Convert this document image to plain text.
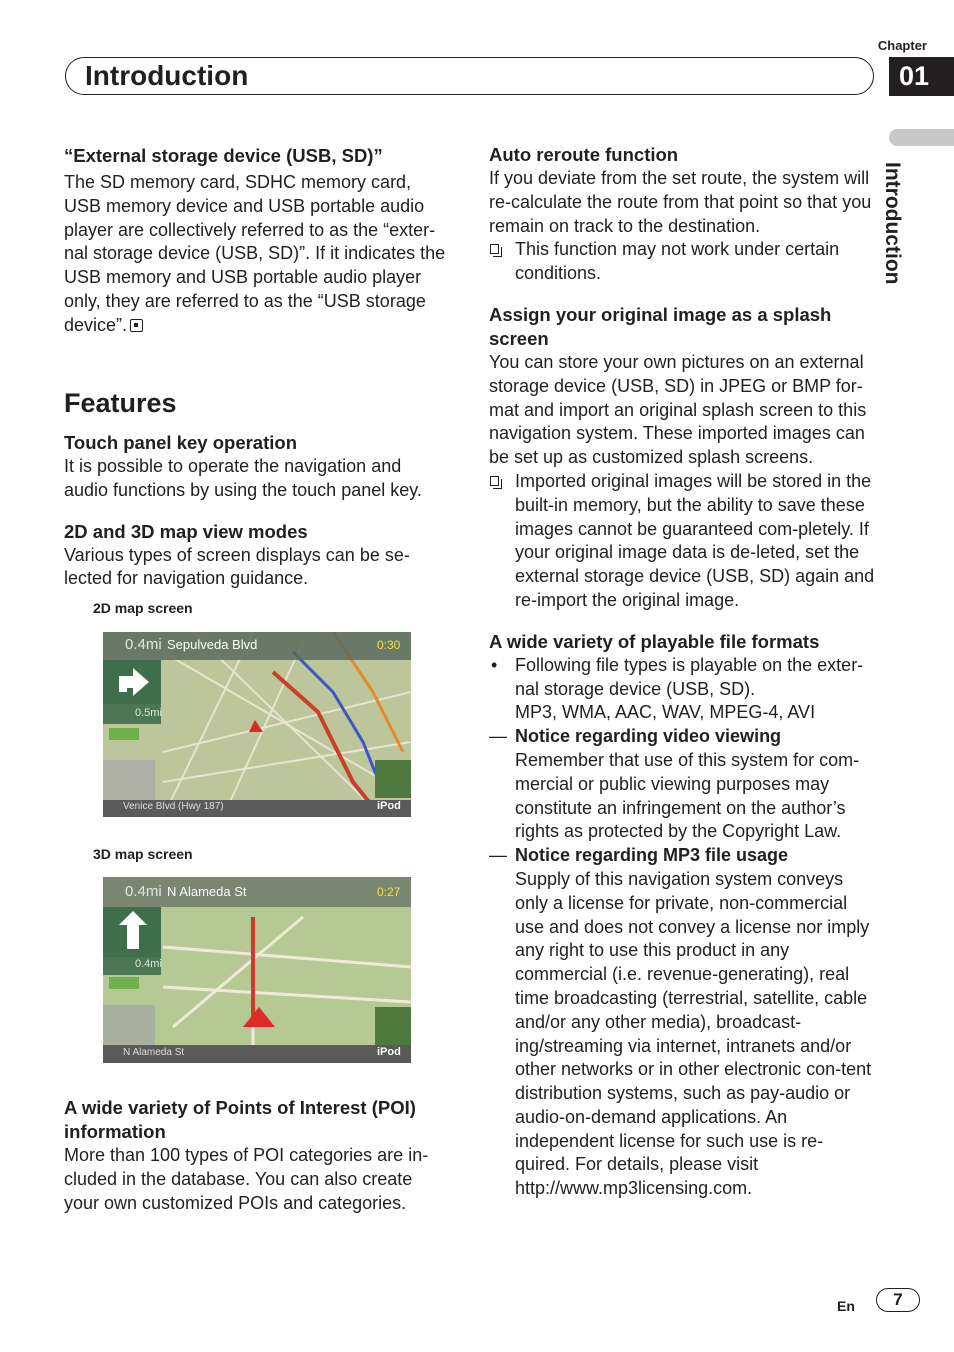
Chapter
Introduction	01
Introduction

“External storage device (USB, SD)”

The SD memory card, SDHC memory card, USB memory device and USB portable audio player are collectively referred to as the “exter-nal storage device (USB, SD)”. If it indicates the USB memory and USB portable audio player only, they are referred to as the “USB storage device”.

Features

Touch panel key operation

It is possible to operate the navigation and audio functions by using the touch panel key.

2D and 3D map view modes

Various types of screen displays can be se-lected for navigation guidance.

2D map screen
0.4mi Sepulveda Blvd	0:30
0.5mi
Venice Blvd (Hwy 187)	iPod
3D map screen
0.4mi N Alameda St	0:27
0.4mi
N Alameda St	iPod

A wide variety of Points of Interest (POI) information

More than 100 types of POI categories are in-cluded in the database. You can also create your own customized POIs and categories.

Auto reroute function

If you deviate from the set route, the system will re-calculate the route from that point so that you remain on track to the destination.

This function may not work under certain conditions.

Assign your original image as a splash screen

You can store your own pictures on an external storage device (USB, SD) in JPEG or BMP for-mat and import an original splash screen to this navigation system. These imported images can be set up as customized splash screens.

Imported original images will be stored in the built-in memory, but the ability to save these images cannot be guaranteed com-pletely. If your original image data is de-leted, set the external storage device (USB, SD) again and re-import the original image.

A wide variety of playable file formats

• Following file types is playable on the exter-nal storage device (USB, SD).
MP3, WMA, AAC, WAV, MPEG-4, AVI
— Notice regarding video viewing
Remember that use of this system for com-mercial or public viewing purposes may constitute an infringement on the author’s rights as protected by the Copyright Law.
— Notice regarding MP3 file usage
Supply of this navigation system conveys only a license for private, non-commercial use and does not convey a license nor imply any right to use this product in any commercial (i.e. revenue-generating), real time broadcasting (terrestrial, satellite, cable and/or any other media), broadcast-ing/streaming via internet, intranets and/or other networks or in other electronic con-tent distribution systems, such as pay-audio or audio-on-demand applications. An independent license for such use is re-quired. For details, please visit http://www.mp3licensing.com.
En	7
